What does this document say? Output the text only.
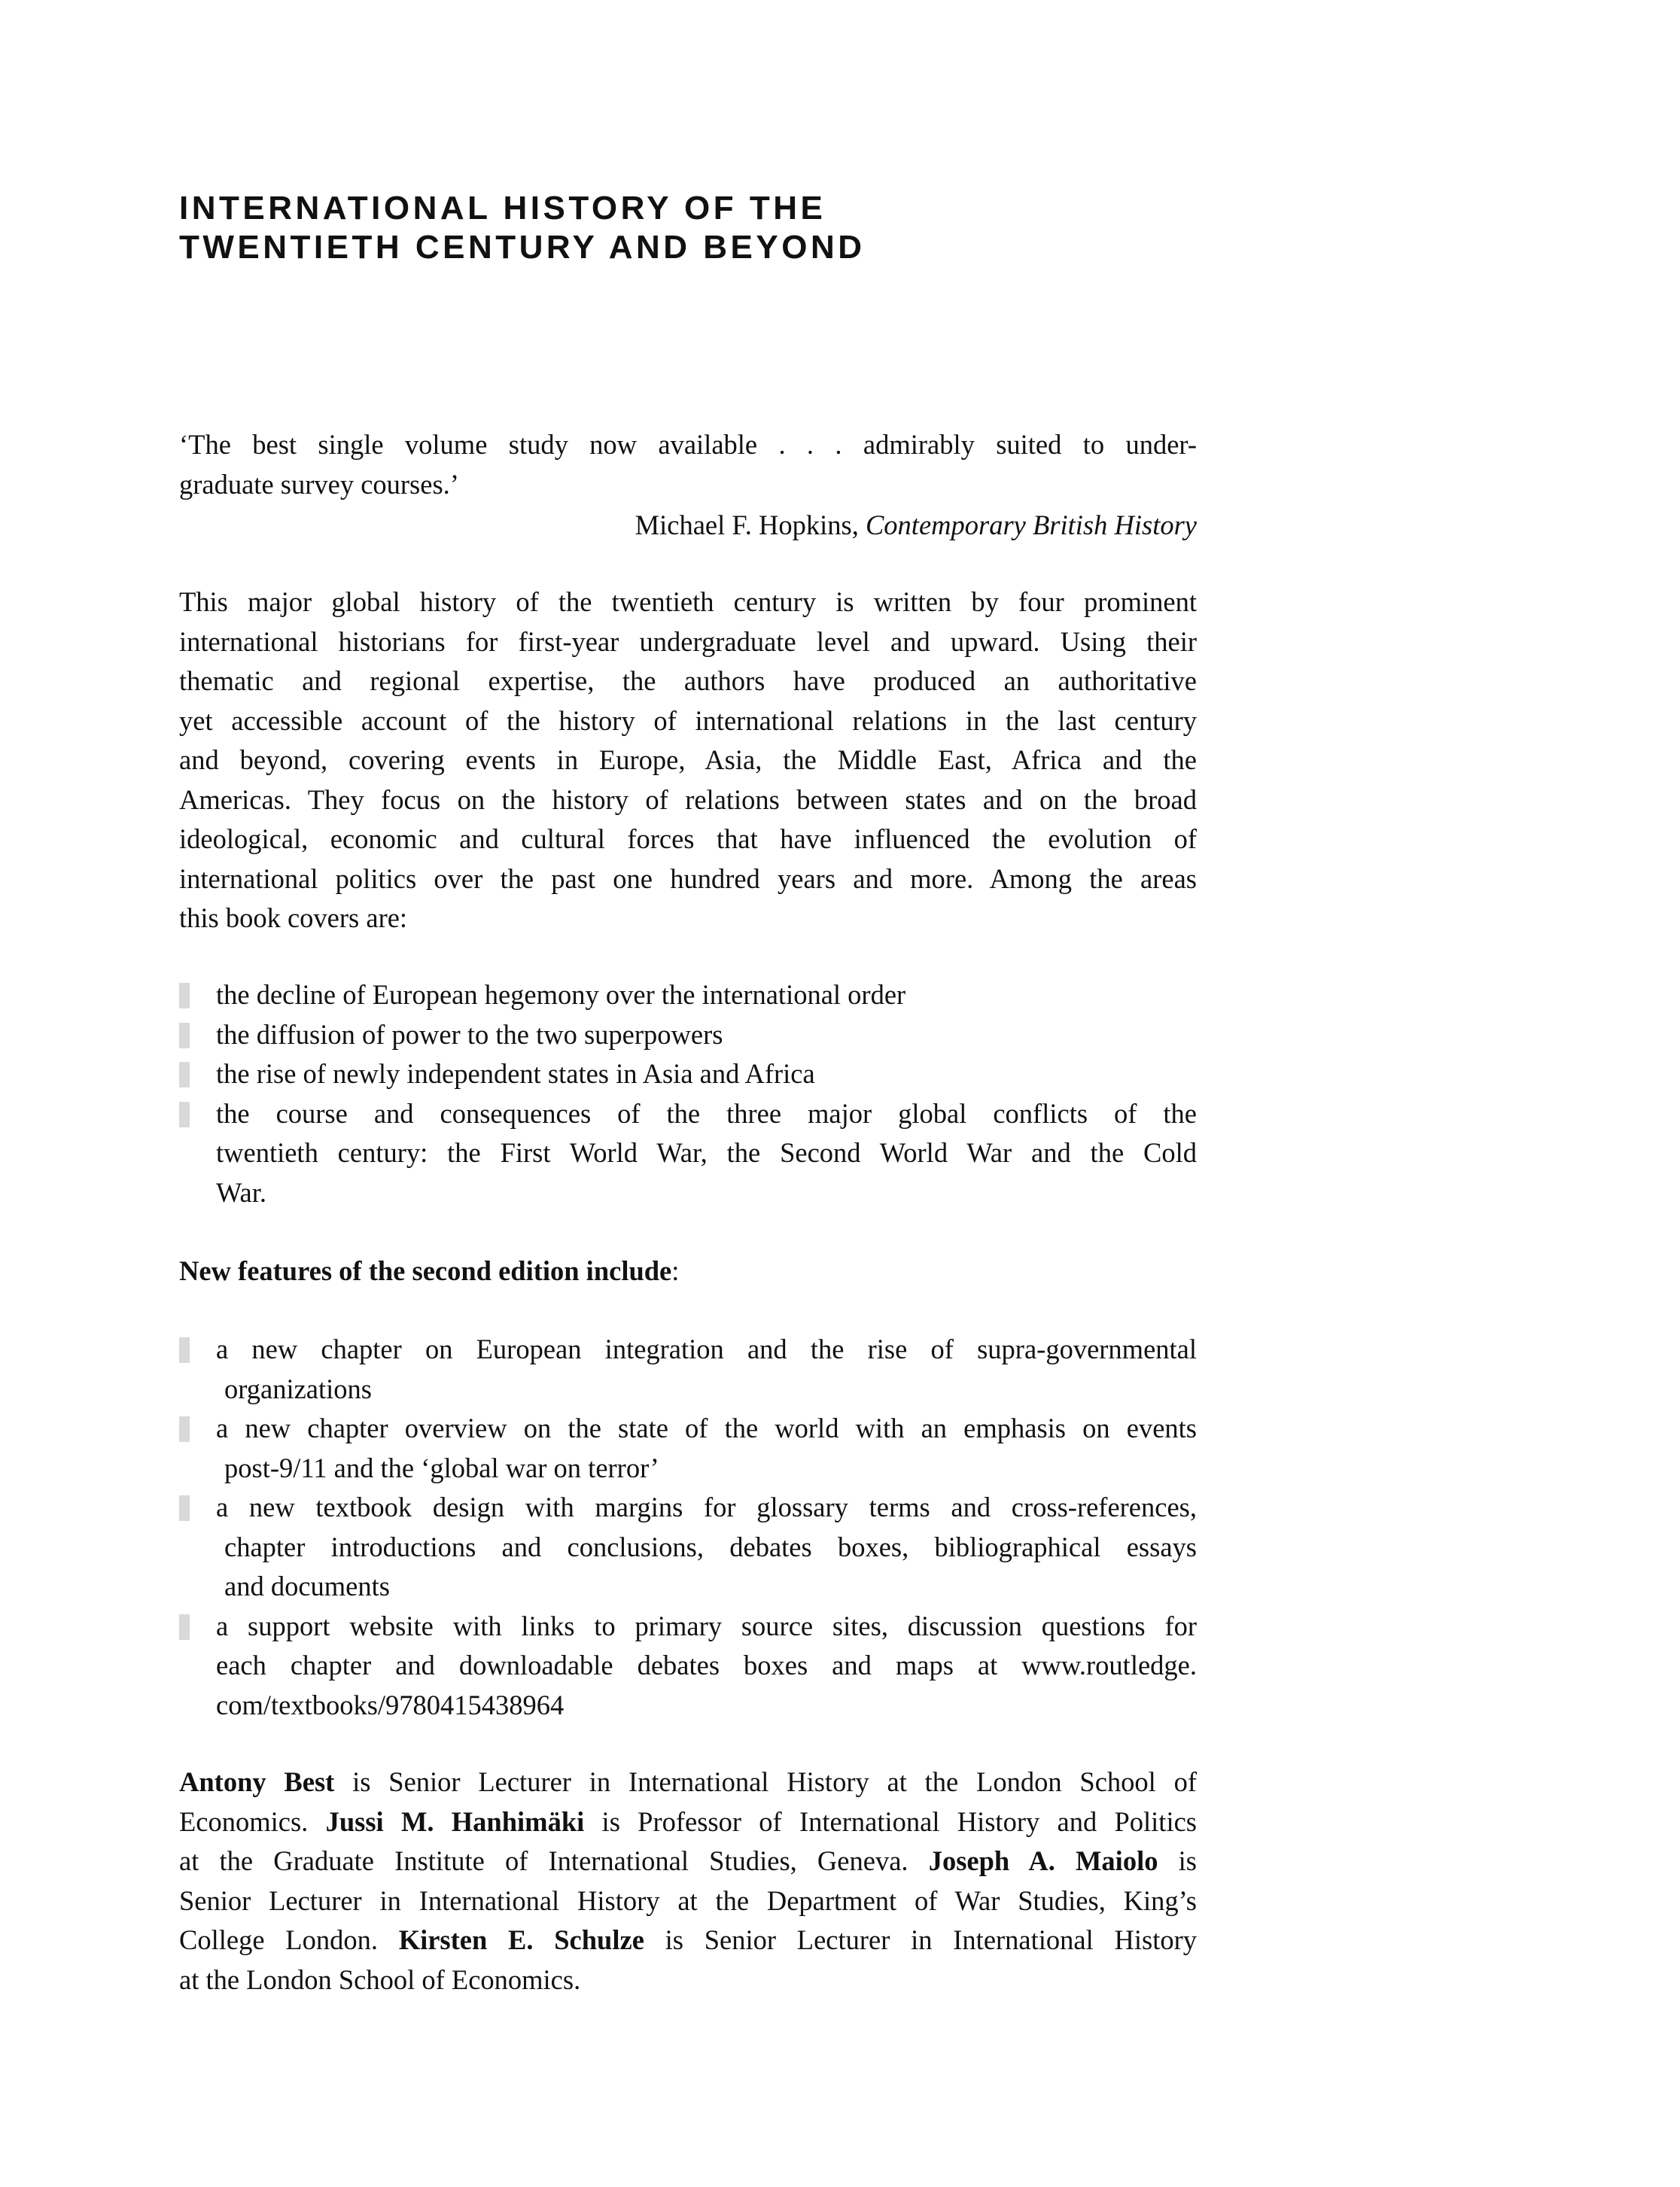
INTERNATIONAL HISTORY OF THE
TWENTIETH CENTURY AND BEYOND
‘The best single volume study now available . . . admirably suited to under-
graduate survey courses.’
Michael F. Hopkins, Contemporary British History
This major global history of the twentieth century is written by four prominent
international historians for first-year undergraduate level and upward. Using their
thematic and regional expertise, the authors have produced an authoritative
yet accessible account of the history of international relations in the last century
and beyond, covering events in Europe, Asia, the Middle East, Africa and the
Americas. They focus on the history of relations between states and on the broad
ideological, economic and cultural forces that have influenced the evolution of
international politics over the past one hundred years and more. Among the areas
this book covers are:
the decline of European hegemony over the international order
the diffusion of power to the two superpowers
the rise of newly independent states in Asia and Africa
the course and consequences of the three major global conflicts of the
twentieth century: the First World War, the Second World War and the Cold
War.
New features of the second edition include:
a new chapter on European integration and the rise of supra-governmental
organizations
a new chapter overview on the state of the world with an emphasis on events
post-9/11 and the ‘global war on terror’
a new textbook design with margins for glossary terms and cross-references,
chapter introductions and conclusions, debates boxes, bibliographical essays
and documents
a support website with links to primary source sites, discussion questions for
each chapter and downloadable debates boxes and maps at www.routledge.
com/textbooks/9780415438964
Antony Best is Senior Lecturer in International History at the London School of
Economics. Jussi M. Hanhimäki is Professor of International History and Politics
at the Graduate Institute of International Studies, Geneva. Joseph A. Maiolo is
Senior Lecturer in International History at the Department of War Studies, King’s
College London. Kirsten E. Schulze is Senior Lecturer in International History
at the London School of Economics.
